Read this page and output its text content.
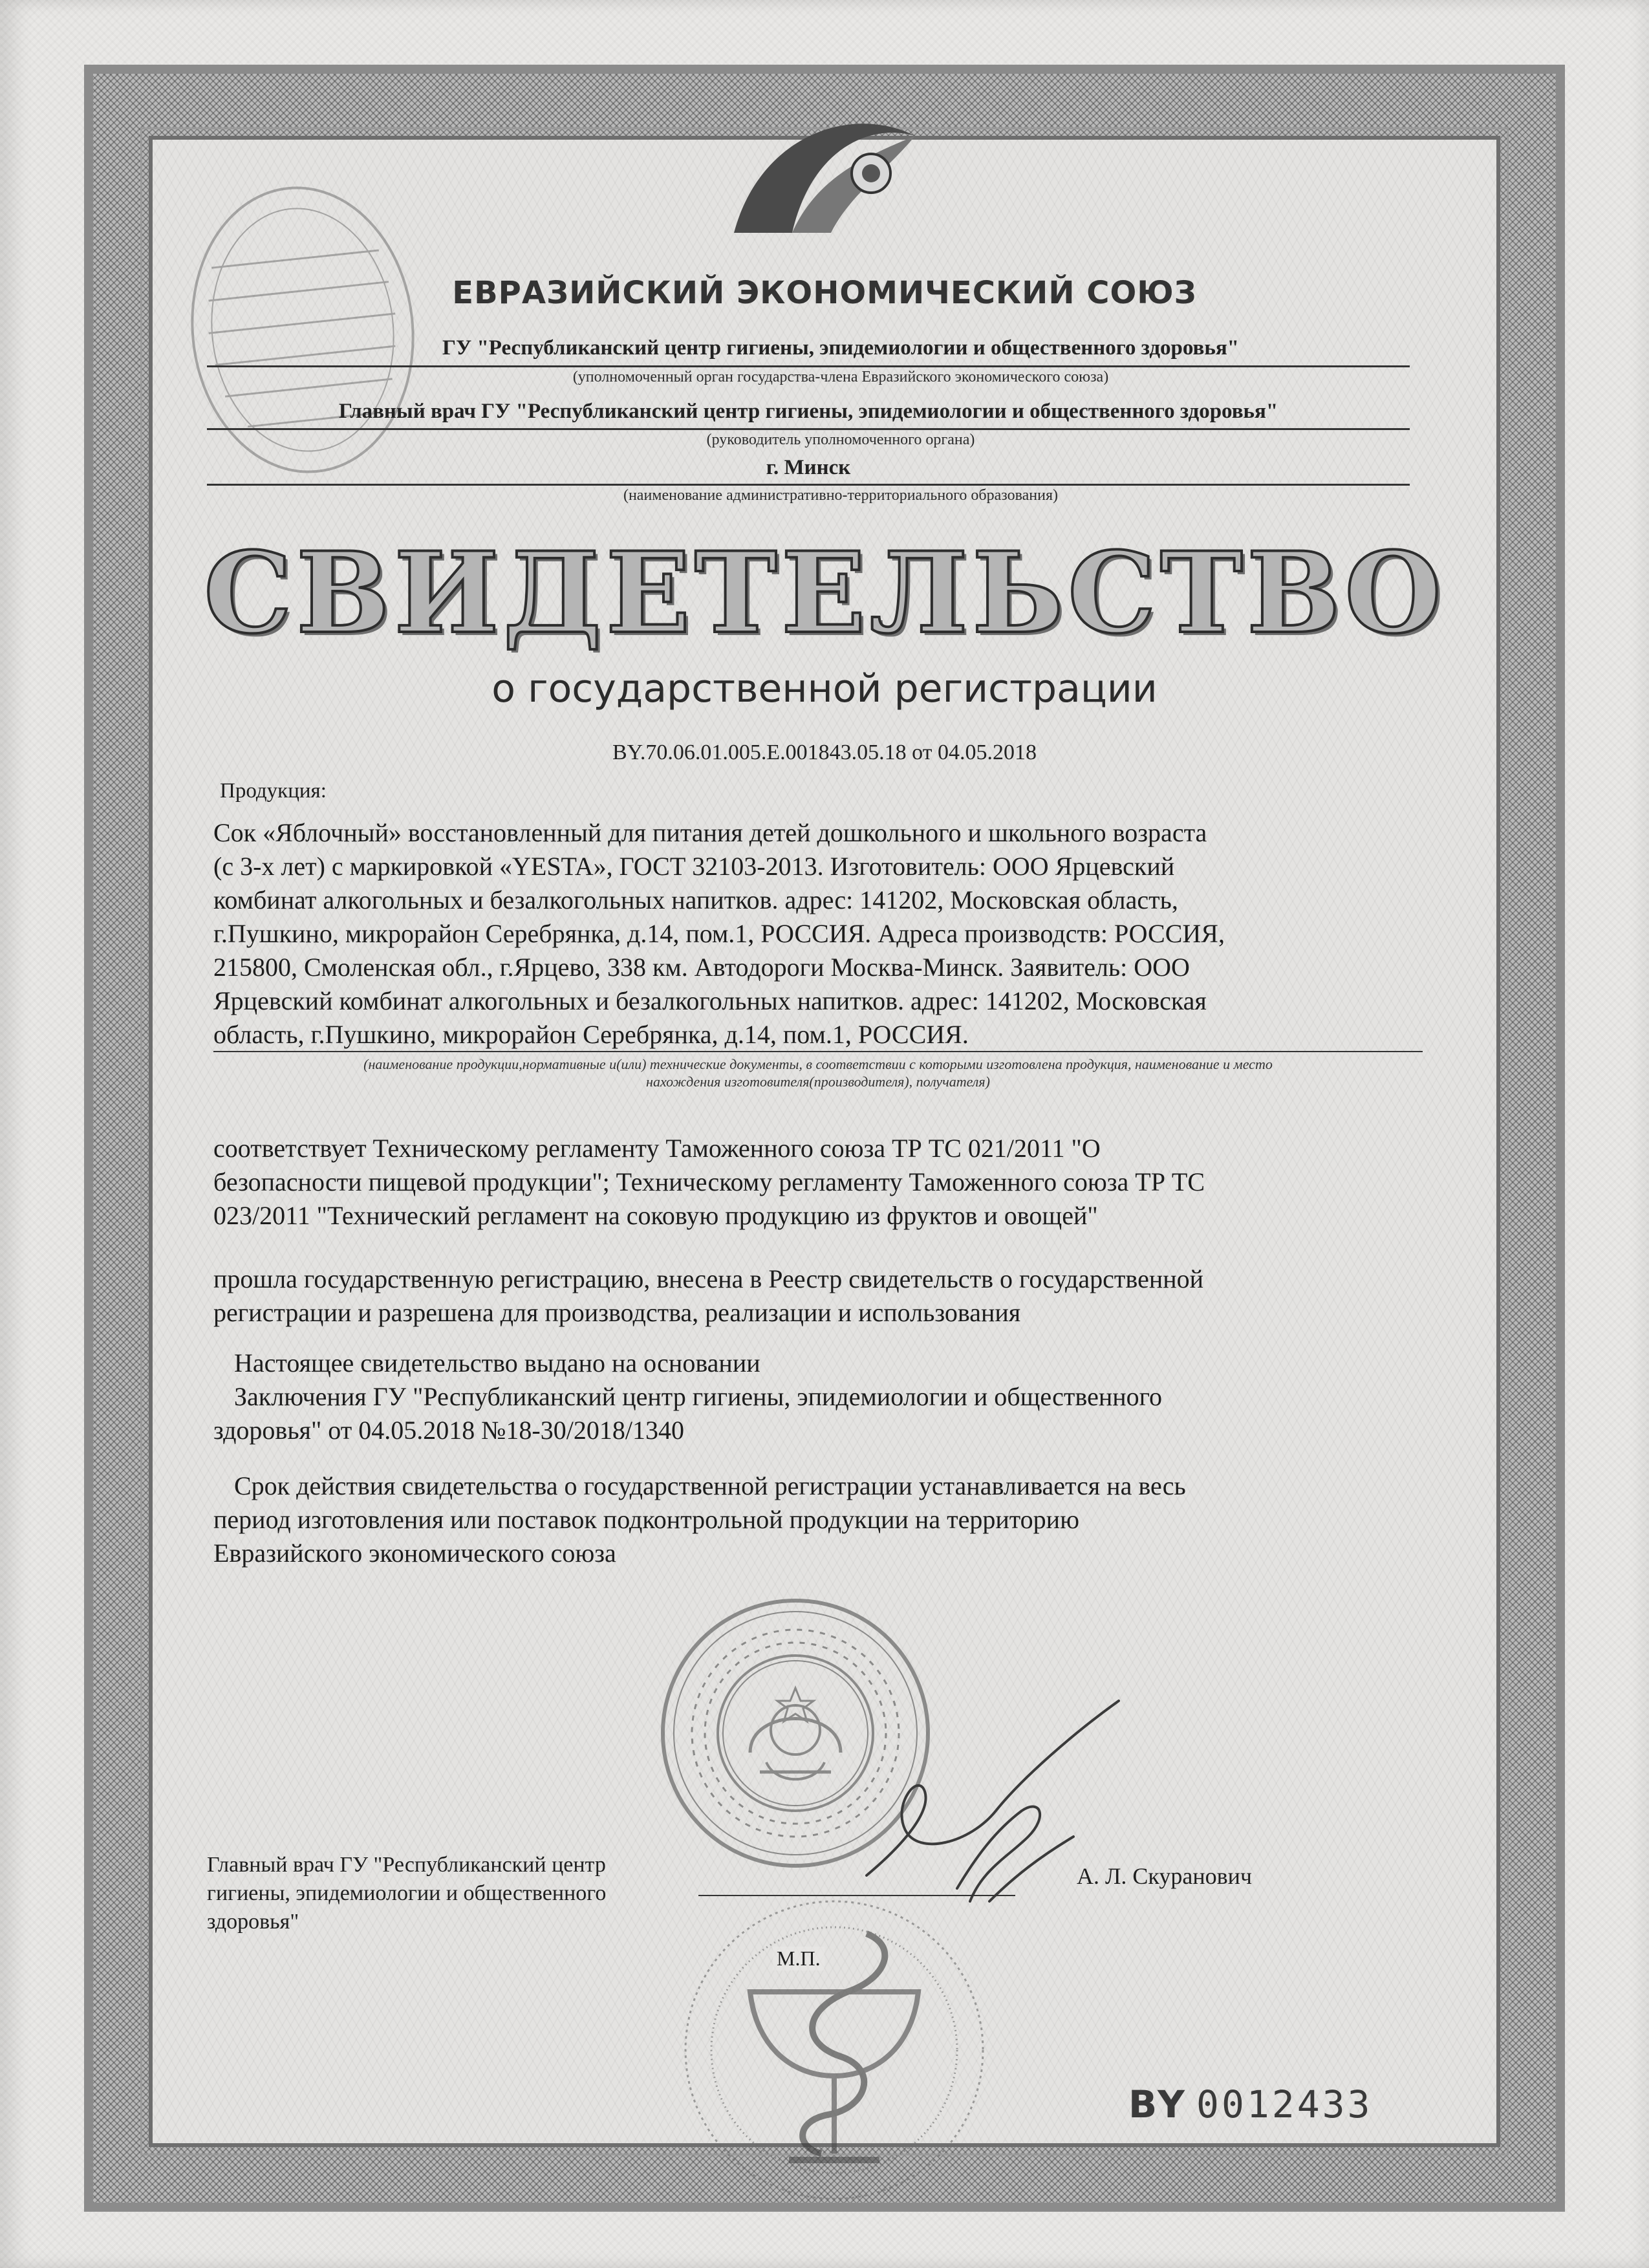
ЕВРАЗИЙСКИЙ ЭКОНОМИЧЕСКИЙ СОЮЗ
ГУ "Республиканский центр гигиены, эпидемиологии и общественного здоровья"
(уполномоченный орган государства-члена Евразийского экономического союза)
Главный врач ГУ "Республиканский центр гигиены, эпидемиологии и общественного здоровья"
(руководитель уполномоченного органа)
г. Минск
(наименование административно-территориального образования)
СВИДЕТЕЛЬСТВО
о государственной регистрации
BY.70.06.01.005.E.001843.05.18 от 04.05.2018
Продукция:
Сок «Яблочный» восстановленный для питания детей дошкольного и школьного возраста
(с 3-х лет) с маркировкой «YESTA», ГОСТ 32103-2013. Изготовитель: ООО Ярцевский
комбинат алкогольных и безалкогольных напитков. адрес: 141202, Московская область,
г.Пушкино, микрорайон Серебрянка, д.14, пом.1, РОССИЯ. Адреса производств: РОССИЯ,
215800, Смоленская обл., г.Ярцево, 338 км. Автодороги Москва-Минск. Заявитель: ООО
Ярцевский комбинат алкогольных и безалкогольных напитков. адрес: 141202, Московская
область, г.Пушкино, микрорайон Серебрянка, д.14, пом.1, РОССИЯ.
(наименование продукции,нормативные и(или) технические документы, в соответствии с которыми изготовлена продукция, наименование и место
нахождения изготовителя(производителя), получателя)
соответствует Техническому регламенту Таможенного союза ТР ТС 021/2011 "О
безопасности пищевой продукции"; Техническому регламенту Таможенного союза ТР ТС
023/2011 "Технический регламент на соковую продукцию из фруктов и овощей"
прошла государственную регистрацию, внесена в Реестр свидетельств о государственной
регистрации и разрешена для производства, реализации и использования
Настоящее свидетельство выдано на основании
Заключения ГУ "Республиканский центр гигиены, эпидемиологии и общественного
здоровья" от 04.05.2018 №18-30/2018/1340
Срок действия свидетельства о государственной регистрации устанавливается на весь
период изготовления или поставок подконтрольной продукции на территорию
Евразийского экономического союза
Главный врач ГУ "Республиканский центр
гигиены, эпидемиологии и общественного
здоровья"
А. Л. Скуранович
М.П.
BY 0012433
